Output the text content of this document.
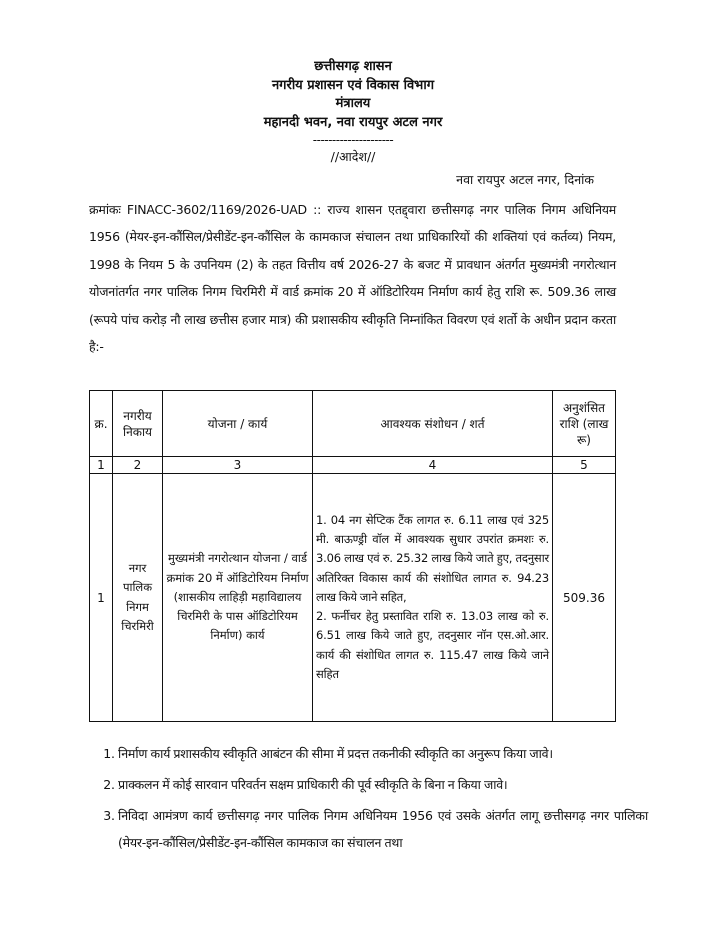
छत्तीसगढ़ शासन
नगरीय प्रशासन एवं विकास विभाग
मंत्रालय
महानदी भवन, नवा रायपुर अटल नगर
---------------------
//आदेश//
नवा रायपुर अटल नगर, दिनांक
क्रमांकः FINACC-3602/1169/2026-UAD :: राज्य शासन एतद्द्वारा छत्तीसगढ़ नगर पालिक निगम अधिनियम 1956 (मेयर-इन-कौंसिल/प्रेसीडेंट-इन-कौंसिल के कामकाज संचालन तथा प्राधिकारियों की शक्तियां एवं कर्तव्य) नियम, 1998 के नियम 5 के उपनियम (2) के तहत वित्तीय वर्ष 2026-27 के बजट में प्रावधान अंतर्गत मुख्यमंत्री नगरोत्थान योजनांतर्गत नगर पालिक निगम चिरमिरी में वार्ड क्रमांक 20 में ऑडिटोरियम निर्माण कार्य हेतु राशि रू. 509.36 लाख (रूपये पांच करोड़ नौ लाख छत्तीस हजार मात्र) की प्रशासकीय स्वीकृति निम्नांकित विवरण एवं शर्तो के अधीन प्रदान करता है:-
क्र.	नगरीय निकाय	योजना / कार्य	आवश्यक संशोधन / शर्त	अनुशंसित राशि (लाख रू)
1	2	3	4	5
1	नगर पालिक निगम चिरमिरी	मुख्यमंत्री नगरोत्थान योजना / वार्ड क्रमांक 20 में ऑडिटोरियम निर्माण (शासकीय लाहिड़ी महाविद्यालय चिरमिरी के पास ऑडिटोरियम निर्माण) कार्य	1. 04 नग सेप्टिक टैंक लागत रु. 6.11 लाख एवं 325 मी. बाऊण्ड्री वॉल में आवश्यक सुधार उपरांत क्रमशः रु. 3.06 लाख एवं रु. 25.32 लाख किये जाते हुए, तदनुसार अतिरिक्त विकास कार्य की संशोधित लागत रु. 94.23 लाख किये जाने सहित,

2. फर्नीचर हेतु प्रस्तावित राशि रु. 13.03 लाख को रु. 6.51 लाख किये जाते हुए, तदनुसार नॉन एस.ओ.आर. कार्य की संशोधित लागत रु. 115.47 लाख किये जाने सहित	509.36
1. निर्माण कार्य प्रशासकीय स्वीकृति आबंटन की सीमा में प्रदत्त तकनीकी स्वीकृति का अनुरूप किया जावे।
2. प्राक्कलन में कोई सारवान परिवर्तन सक्षम प्राधिकारी की पूर्व स्वीकृति के बिना न किया जावे।
3. निविदा आमंत्रण कार्य छत्तीसगढ़ नगर पालिक निगम अधिनियम 1956 एवं उसके अंतर्गत लागू छत्तीसगढ़ नगर पालिका (मेयर-इन-कौंसिल/प्रेसीडेंट-इन-कौंसिल कामकाज का संचालन तथा
